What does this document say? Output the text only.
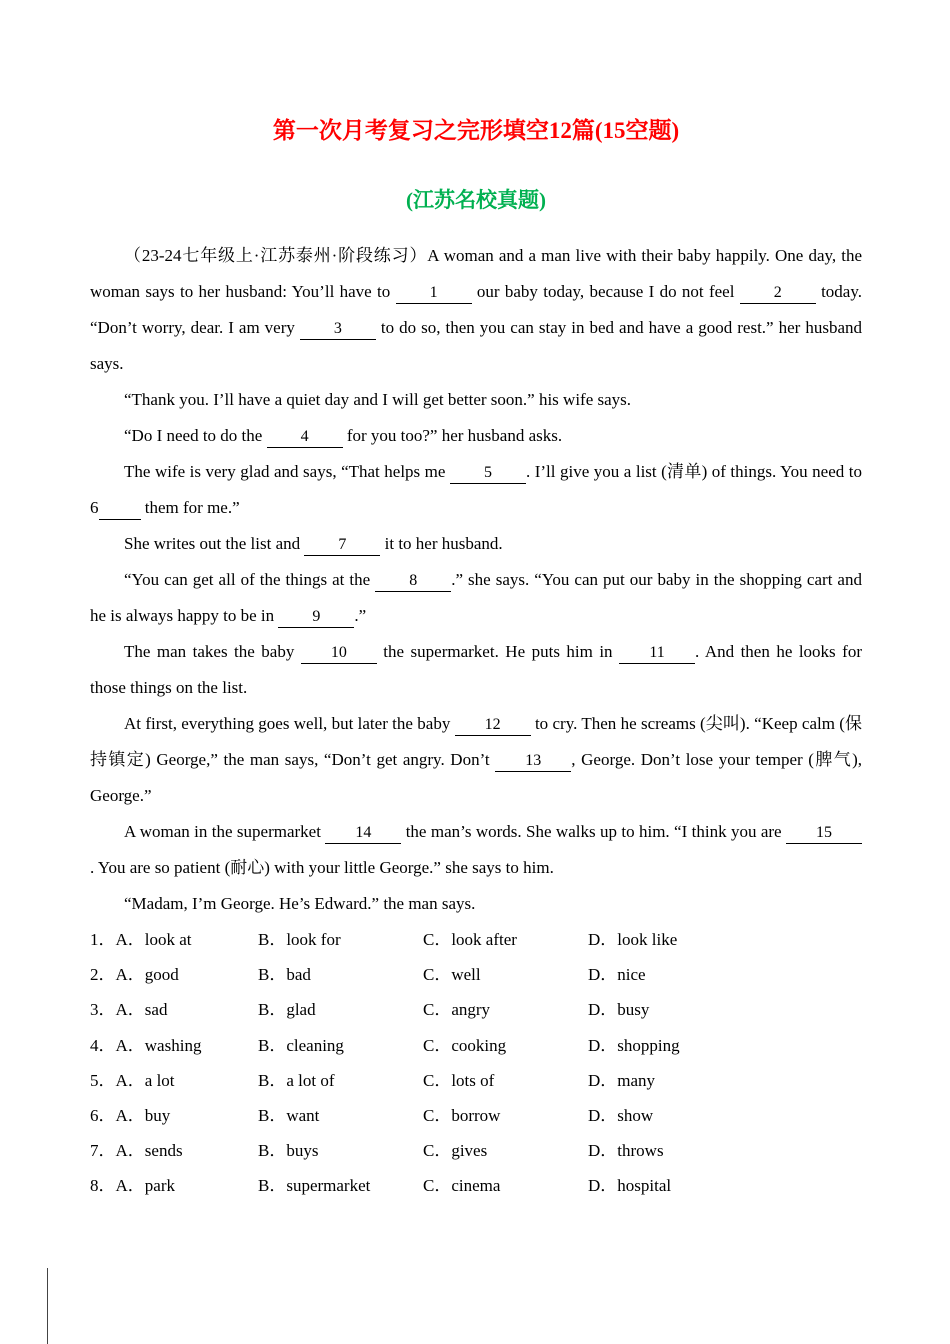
第一次月考复习之完形填空12篇(15空题)
(江苏名校真题)

（23-24七年级上·江苏泰州·阶段练习）A woman and a man live with their baby happily. One day, the woman says to her husband: You’ll have to 1 our baby today, because I do not feel 2 today. “Don’t worry, dear. I am very 3 to do so, then you can stay in bed and have a good rest.” her husband says.

“Thank you. I’ll have a quiet day and I will get better soon.” his wife says.

“Do I need to do the 4 for you too?” her husband asks.

The wife is very glad and says, “That helps me 5 . I’ll give you a list (清单) of things. You need to 6  them for me.”

She writes out the list and 7 it to her husband.

“You can get all of the things at the 8 .” she says. “You can put our baby in the shopping cart and he is always happy to be in 9 .”

The man takes the baby 10 the supermarket. He puts him in 11 . And then he looks for those things on the list.

At first, everything goes well, but later the baby 12 to cry. Then he screams (尖叫). “Keep calm (保持镇定) George,” the man says, “Don’t get angry. Don’t 13 , George. Don’t lose your temper (脾气), George.”

A woman in the supermarket 14 the man’s words. She walks up to him. “I think you are 15. You are so patient (耐心) with your little George.” she says to him.

“Madam, I’m George. He’s Edward.” the man says.

1．A．look at	B．look for	C．look after	D．look like
2．A．good	B．bad	C．well	D．nice
3．A．sad	B．glad	C．angry	D．busy
4．A．washing	B．cleaning	C．cooking	D．shopping
5．A．a lot	B．a lot of	C．lots of	D．many
6．A．buy	B．want	C．borrow	D．show
7．A．sends	B．buys	C．gives	D．throws
8．A．park	B．supermarket	C．cinema	D．hospital
